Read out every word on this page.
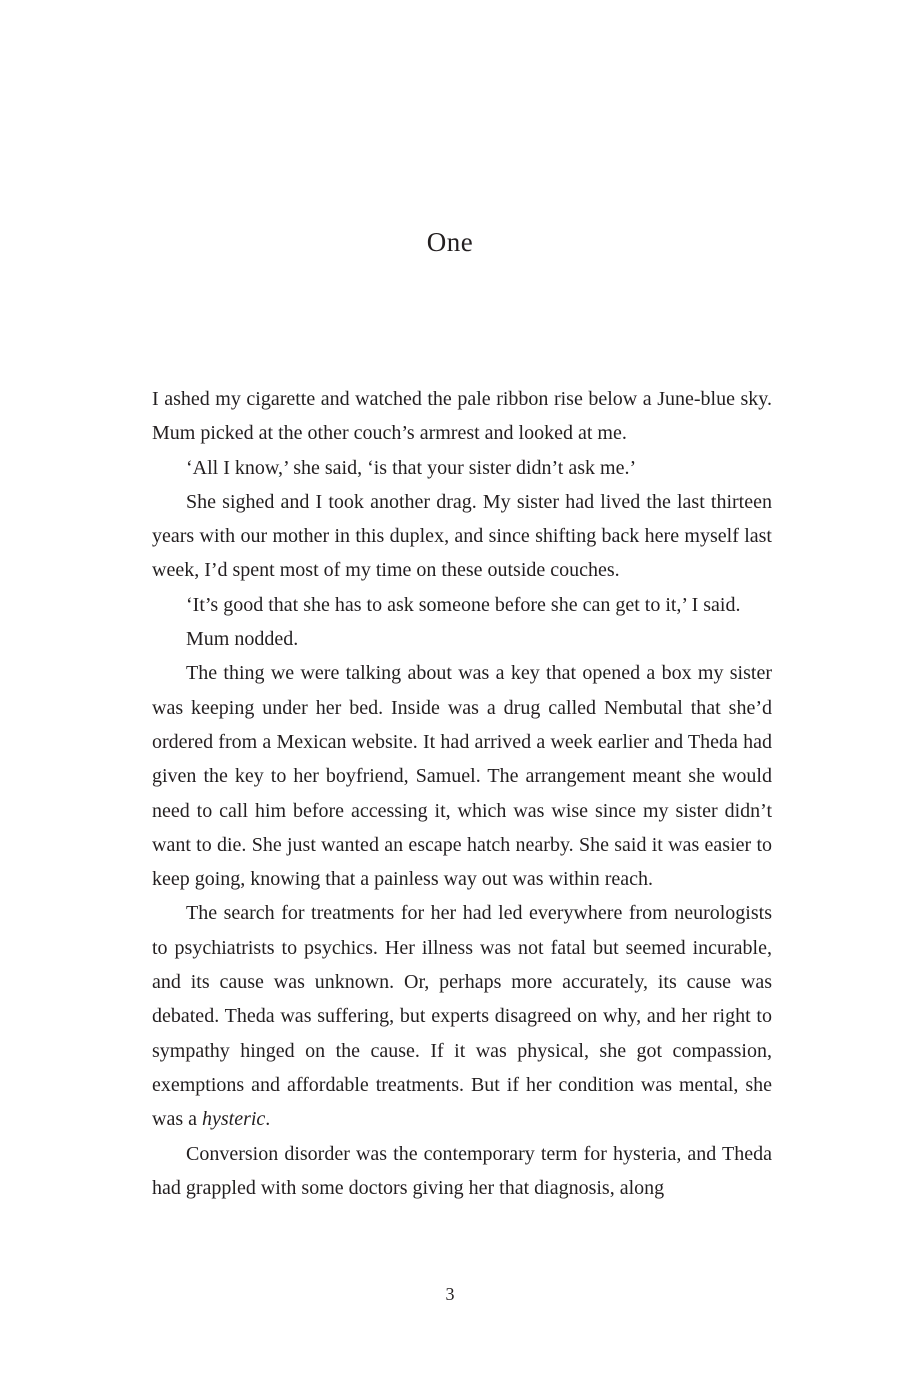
One

I ashed my cigarette and watched the pale ribbon rise below a June-blue sky. Mum picked at the other couch’s armrest and looked at me.

‘All I know,’ she said, ‘is that your sister didn’t ask me.’

She sighed and I took another drag. My sister had lived the last thirteen years with our mother in this duplex, and since shifting back here myself last week, I’d spent most of my time on these outside couches.

‘It’s good that she has to ask someone before she can get to it,’ I said.

Mum nodded.

The thing we were talking about was a key that opened a box my sister was keeping under her bed. Inside was a drug called Nembutal that she’d ordered from a Mexican website. It had arrived a week earlier and Theda had given the key to her boyfriend, Samuel. The arrangement meant she would need to call him before accessing it, which was wise since my sister didn’t want to die. She just wanted an escape hatch nearby. She said it was easier to keep going, knowing that a painless way out was within reach.

The search for treatments for her had led everywhere from neurologists to psychiatrists to psychics. Her illness was not fatal but seemed incurable, and its cause was unknown. Or, perhaps more accurately, its cause was debated. Theda was suffering, but experts disagreed on why, and her right to sympathy hinged on the cause. If it was physical, she got compassion, exemptions and affordable treatments. But if her condition was mental, she was a hysteric.

Conversion disorder was the contemporary term for hysteria, and Theda had grappled with some doctors giving her that diagnosis, along

3
